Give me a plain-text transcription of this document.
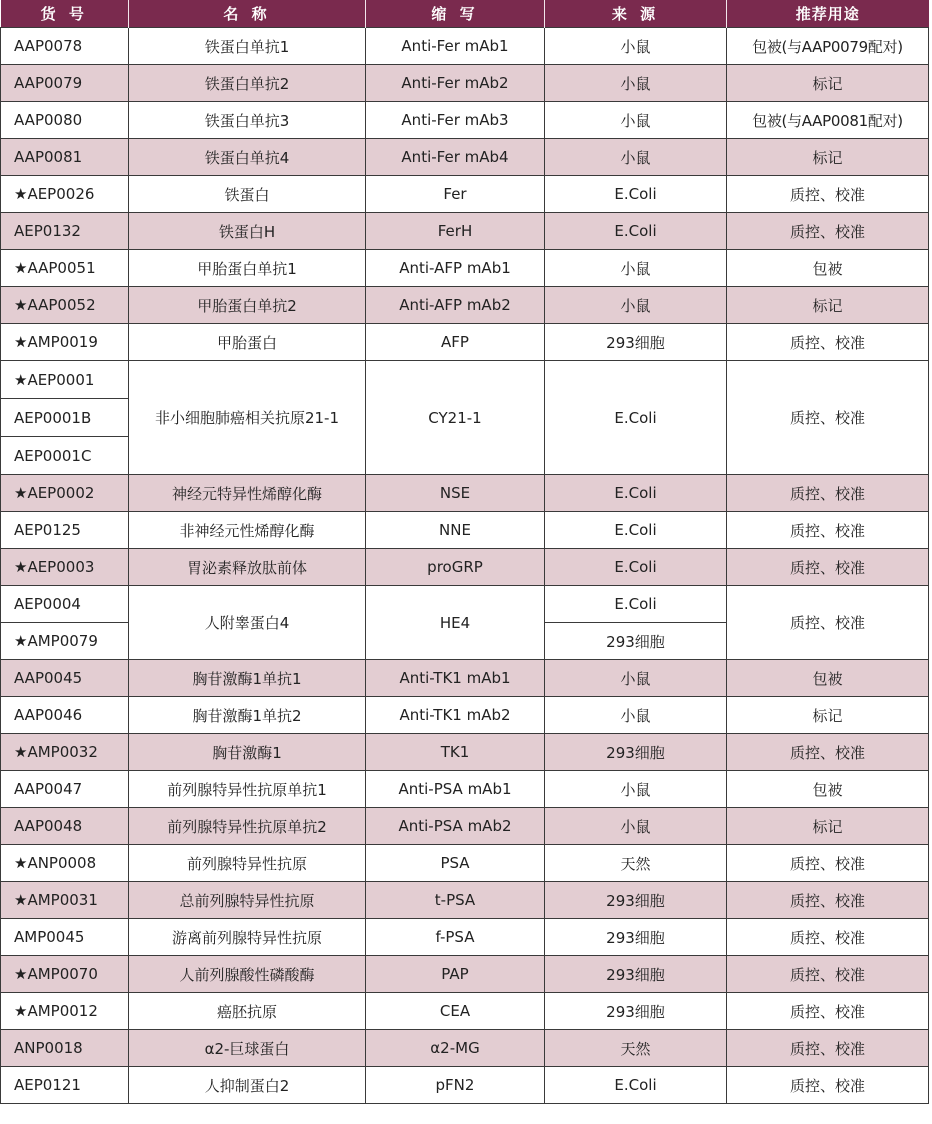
货 号	名 称	缩 写	来 源	推荐用途
AAP0078	铁蛋白单抗1	Anti-Fer mAb1	小鼠	包被(与AAP0079配对)
AAP0079	铁蛋白单抗2	Anti-Fer mAb2	小鼠	标记
AAP0080	铁蛋白单抗3	Anti-Fer mAb3	小鼠	包被(与AAP0081配对)
AAP0081	铁蛋白单抗4	Anti-Fer mAb4	小鼠	标记
★AEP0026	铁蛋白	Fer	E.Coli	质控、校准
AEP0132	铁蛋白H	FerH	E.Coli	质控、校准
★AAP0051	甲胎蛋白单抗1	Anti-AFP mAb1	小鼠	包被
★AAP0052	甲胎蛋白单抗2	Anti-AFP mAb2	小鼠	标记
★AMP0019	甲胎蛋白	AFP	293细胞	质控、校准
★AEP0001	非小细胞肺癌相关抗原21-1	CY21-1	E.Coli	质控、校准
AEP0001B				
AEP0001C				
★AEP0002	神经元特异性烯醇化酶	NSE	E.Coli	质控、校准
AEP0125	非神经元性烯醇化酶	NNE	E.Coli	质控、校准
★AEP0003	胃泌素释放肽前体	proGRP	E.Coli	质控、校准
AEP0004	人附睾蛋白4	HE4	E.Coli	质控、校准
★AMP0079			293细胞	
AAP0045	胸苷激酶1单抗1	Anti-TK1 mAb1	小鼠	包被
AAP0046	胸苷激酶1单抗2	Anti-TK1 mAb2	小鼠	标记
★AMP0032	胸苷激酶1	TK1	293细胞	质控、校准
AAP0047	前列腺特异性抗原单抗1	Anti-PSA mAb1	小鼠	包被
AAP0048	前列腺特异性抗原单抗2	Anti-PSA mAb2	小鼠	标记
★ANP0008	前列腺特异性抗原	PSA	天然	质控、校准
★AMP0031	总前列腺特异性抗原	t-PSA	293细胞	质控、校准
AMP0045	游离前列腺特异性抗原	f-PSA	293细胞	质控、校准
★AMP0070	人前列腺酸性磷酸酶	PAP	293细胞	质控、校准
★AMP0012	癌胚抗原	CEA	293细胞	质控、校准
ANP0018	α2-巨球蛋白	α2-MG	天然	质控、校准
AEP0121	人抑制蛋白2	pFN2	E.Coli	质控、校准
